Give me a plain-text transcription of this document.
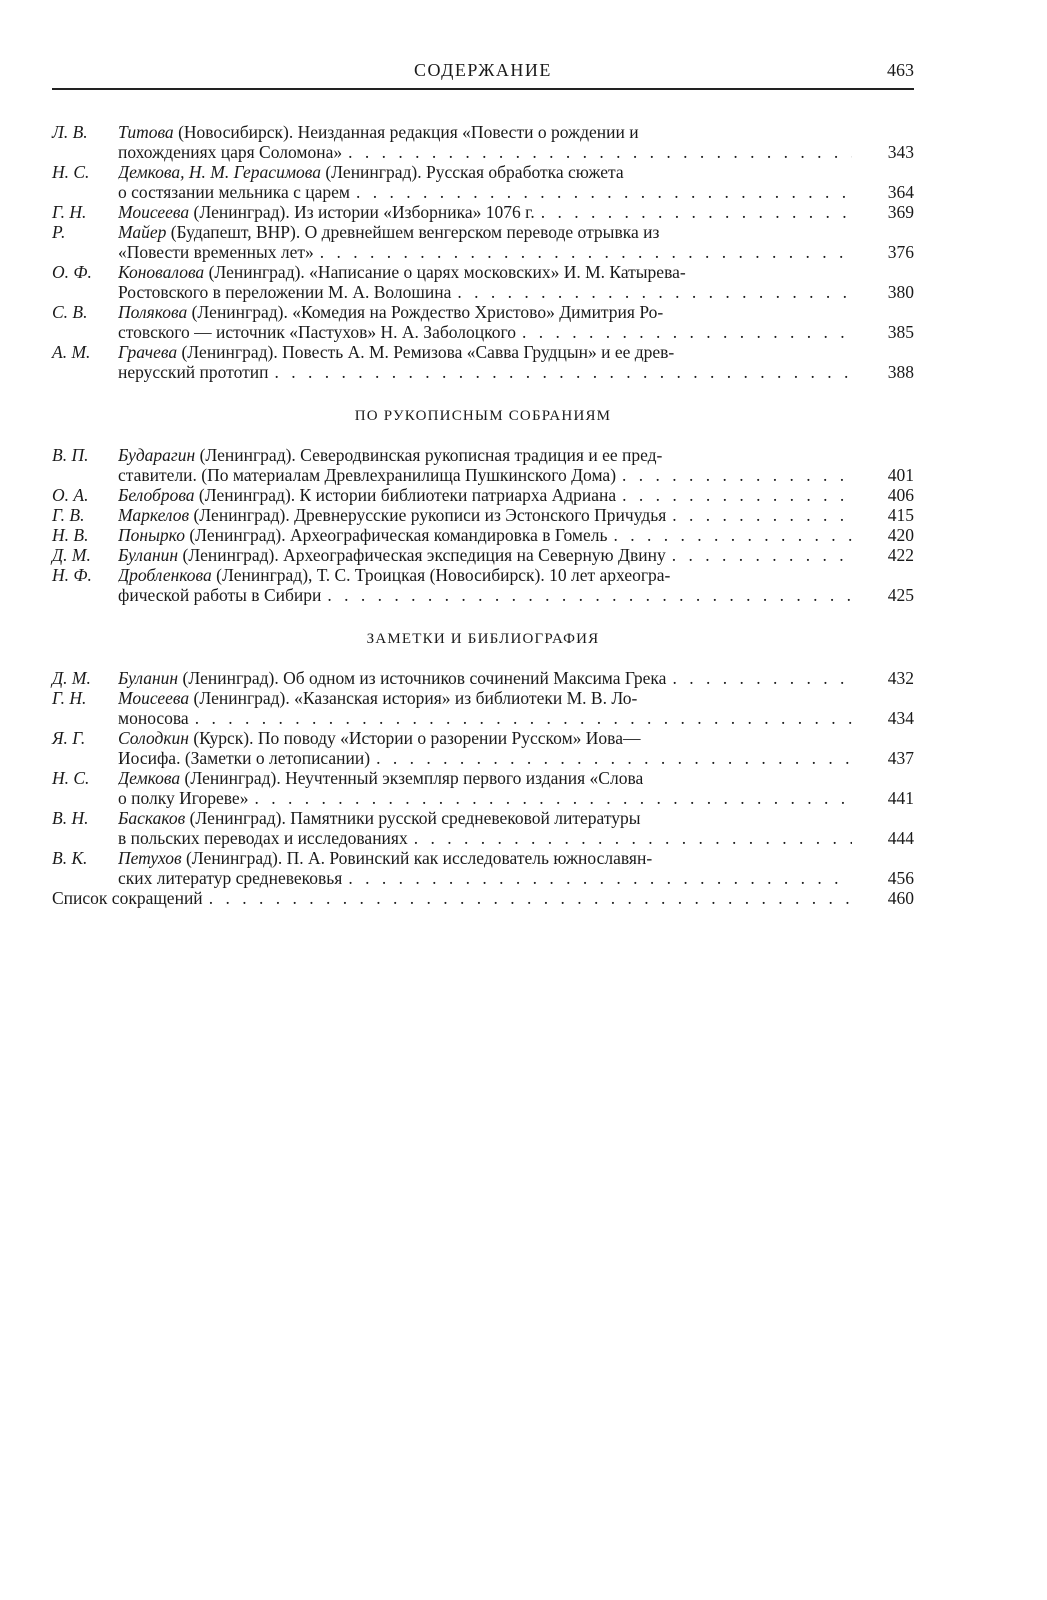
СОДЕРЖАНИЕ	463
Л. В.	Титова (Новосибирск). Неизданная редакция «Повести о рождении и
похождениях царя Соломона» . . .	343
Н. С.	Демкова, Н. М. Герасимова (Ленинград). Русская обработка сюжета
о состязании мельника с царем . . .	364
Г. Н.	Моисеева (Ленинград). Из истории «Изборника» 1076 г. . . .	369
Р.	Майер (Будапешт, ВНР). О древнейшем венгерском переводе отрывка из
«Повести временных лет» . . .	376
О. Ф.	Коновалова (Ленинград). «Написание о царях московских» И. М. Катырева-
Ростовского в переложении М. А. Волошина . . .	380
С. В.	Полякова (Ленинград). «Комедия на Рождество Христово» Димитрия Ро-
стовского — источник «Пастухов» Н. А. Заболоцкого . . .	385
А. М.	Грачева (Ленинград). Повесть А. М. Ремизова «Савва Грудцын» и ее древ-
нерусский прототип . . .	388
ПО РУКОПИСНЫМ СОБРАНИЯМ
В. П.	Бударагин (Ленинград). Северодвинская рукописная традиция и ее пред-
ставители. (По материалам Древлехранилища Пушкинского Дома) . . .	401
О. А.	Белоброва (Ленинград). К истории библиотеки патриарха Адриана . . .	406
Г. В.	Маркелов (Ленинград). Древнерусские рукописи из Эстонского Причудья . . .	415
Н. В.	Понырко (Ленинград). Археографическая командировка в Гомель . . .	420
Д. М.	Буланин (Ленинград). Археографическая экспедиция на Северную Двину . . .	422
Н. Ф.	Дробленкова (Ленинград), Т. С. Троицкая (Новосибирск). 10 лет археогра-
фической работы в Сибири . . .	425
ЗАМЕТКИ И БИБЛИОГРАФИЯ
Д. М.	Буланин (Ленинград). Об одном из источников сочинений Максима Грека . . .	432
Г. Н.	Моисеева (Ленинград). «Казанская история» из библиотеки М. В. Ло-
моносова . . .	434
Я. Г.	Солодкин (Курск). По поводу «Истории о разорении Русском» Иова—
Иосифа. (Заметки о летописании) . . .	437
Н. С.	Демкова (Ленинград). Неучтенный экземпляр первого издания «Слова
о полку Игореве» . . .	441
В. Н.	Баскаков (Ленинград). Памятники русской средневековой литературы
в польских переводах и исследованиях . . .	444
В. К.	Петухов (Ленинград). П. А. Ровинский как исследователь южнославян-
ских литератур средневековья . . .	456
Список сокращений . . .	460
